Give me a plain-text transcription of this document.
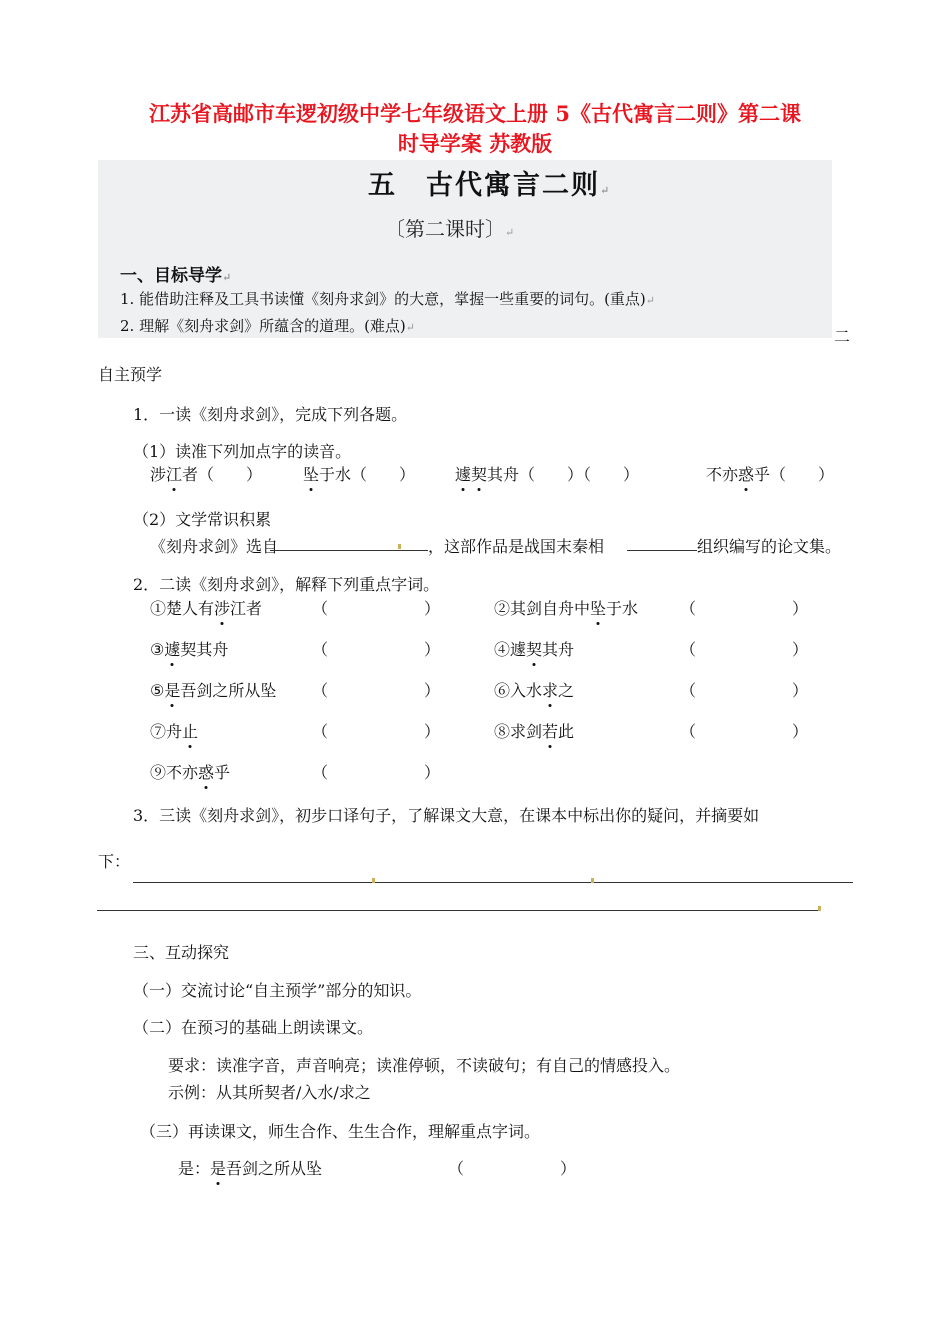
江苏省高邮市车逻初级中学七年级语文上册 5《古代寓言二则》第二课
时导学案 苏教版
五　古代寓言二则↵
〔第二课时〕↵
一、目标导学↵
1. 能借助注释及工具书读懂《刻舟求剑》的大意，掌握一些重要的词句。(重点)↵
2. 理解《刻舟求剑》所蕴含的道理。(难点)↵	二
自主预学
1．一读《刻舟求剑》，完成下列各题。
（1）读准下列加点字的读音。
涉江者（　　）	坠于水（　　） 遽契其舟（　　）（　　）	不亦惑乎（　　）
（2）文学常识积累
《刻舟求剑》选自	，这部作品是战国末秦相	组织编写的论文集。
2．二读《刻舟求剑》，解释下列重点字词。
①楚人有涉江者	（　　　　　　）	②其剑自舟中坠于水	（　　　　　　）
③遽契其舟	（　　　　　　）	④遽契其舟	（　　　　　　）
⑤是吾剑之所从坠 （　　　　　　）	⑥入水求之	（　　　　　　）
⑦舟止	（　　　　　　）	⑧求剑若此	（　　　　　　）
⑨不亦惑乎	（　　　　　　）
3．三读《刻舟求剑》，初步口译句子，了解课文大意，在课本中标出你的疑问，并摘要如
下：
三、互动探究
（一）交流讨论“自主预学”部分的知识。
（二）在预习的基础上朗读课文。
要求：读准字音，声音响亮；读准停顿，不读破句；有自己的情感投入。
示例：从其所契者/入水/求之
（三）再读课文，师生合作、生生合作，理解重点字词。
是：是吾剑之所从坠	（　　　　　　）
